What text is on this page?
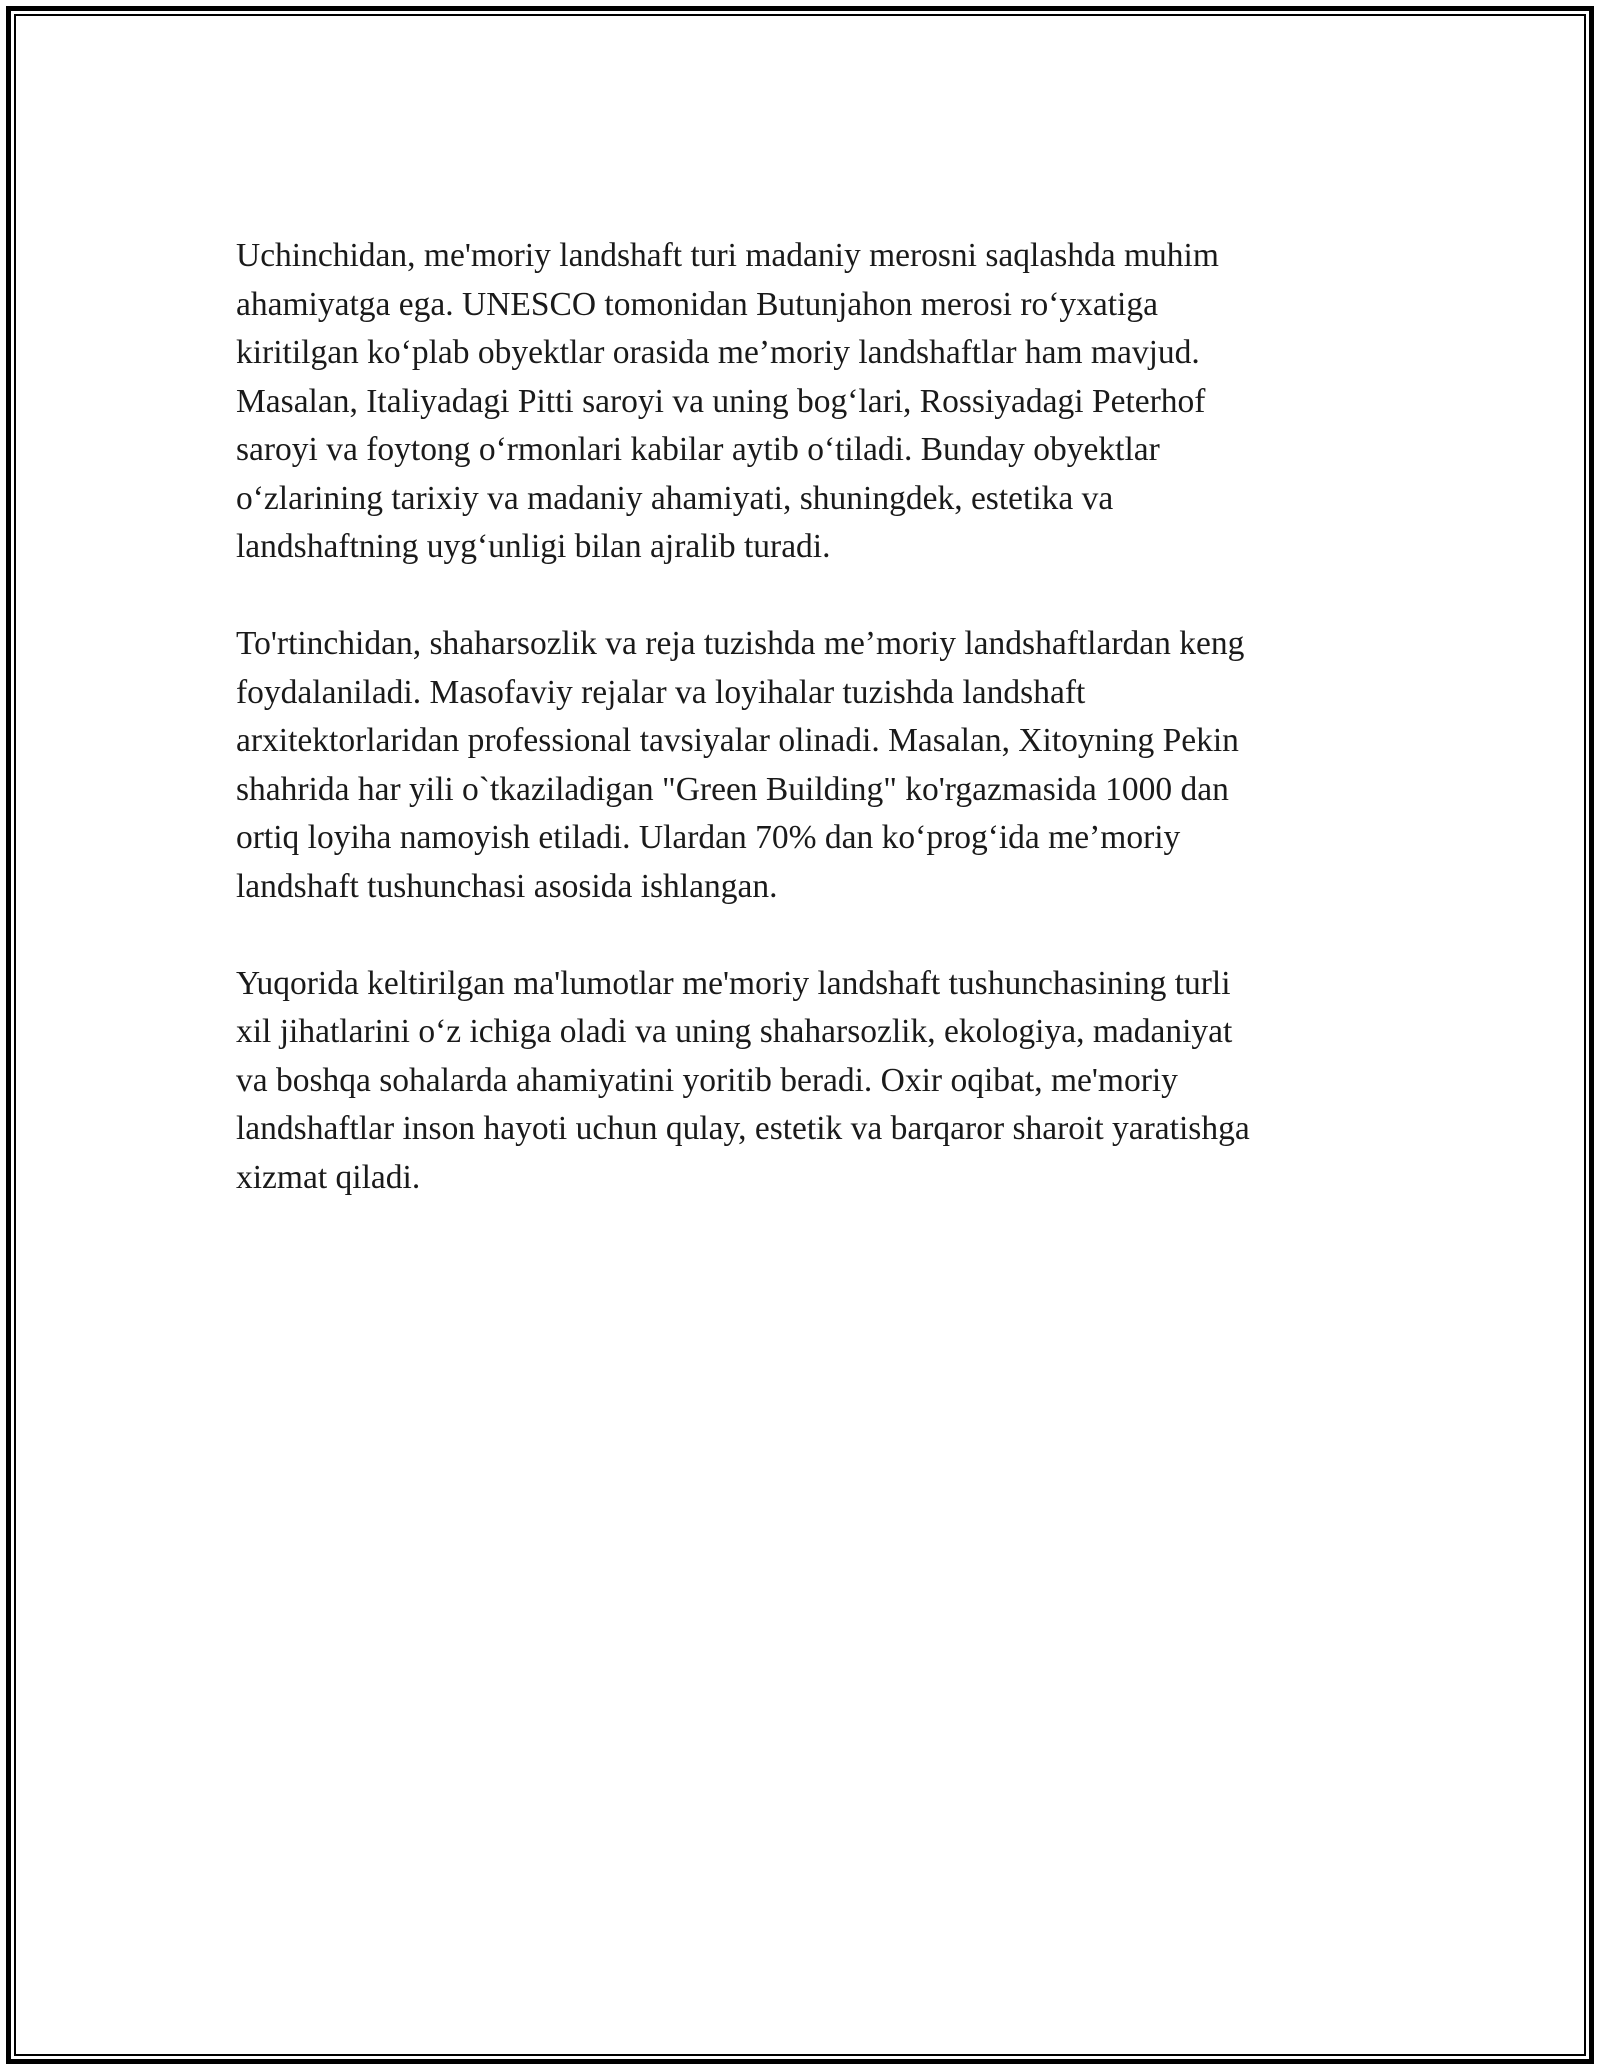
Uchinchidan, me'moriy landshaft turi madaniy merosni saqlashda muhim
ahamiyatga ega. UNESCO tomonidan Butunjahon merosi ro‘yxatiga
kiritilgan ko‘plab obyektlar orasida me’moriy landshaftlar ham mavjud.
Masalan, Italiyadagi Pitti saroyi va uning bog‘lari, Rossiyadagi Peterhof
saroyi va foytong o‘rmonlari kabilar aytib o‘tiladi. Bunday obyektlar
o‘zlarining tarixiy va madaniy ahamiyati, shuningdek, estetika va
landshaftning uyg‘unligi bilan ajralib turadi.

To'rtinchidan, shaharsozlik va reja tuzishda me’moriy landshaftlardan keng
foydalaniladi. Masofaviy rejalar va loyihalar tuzishda landshaft
arxitektorlaridan professional tavsiyalar olinadi. Masalan, Xitoyning Pekin
shahrida har yili o`tkaziladigan "Green Building" ko'rgazmasida 1000 dan
ortiq loyiha namoyish etiladi. Ulardan 70% dan ko‘prog‘ida me’moriy
landshaft tushunchasi asosida ishlangan.

Yuqorida keltirilgan ma'lumotlar me'moriy landshaft tushunchasining turli
xil jihatlarini o‘z ichiga oladi va uning shaharsozlik, ekologiya, madaniyat
va boshqa sohalarda ahamiyatini yoritib beradi. Oxir oqibat, me'moriy
landshaftlar inson hayoti uchun qulay, estetik va barqaror sharoit yaratishga
xizmat qiladi.
